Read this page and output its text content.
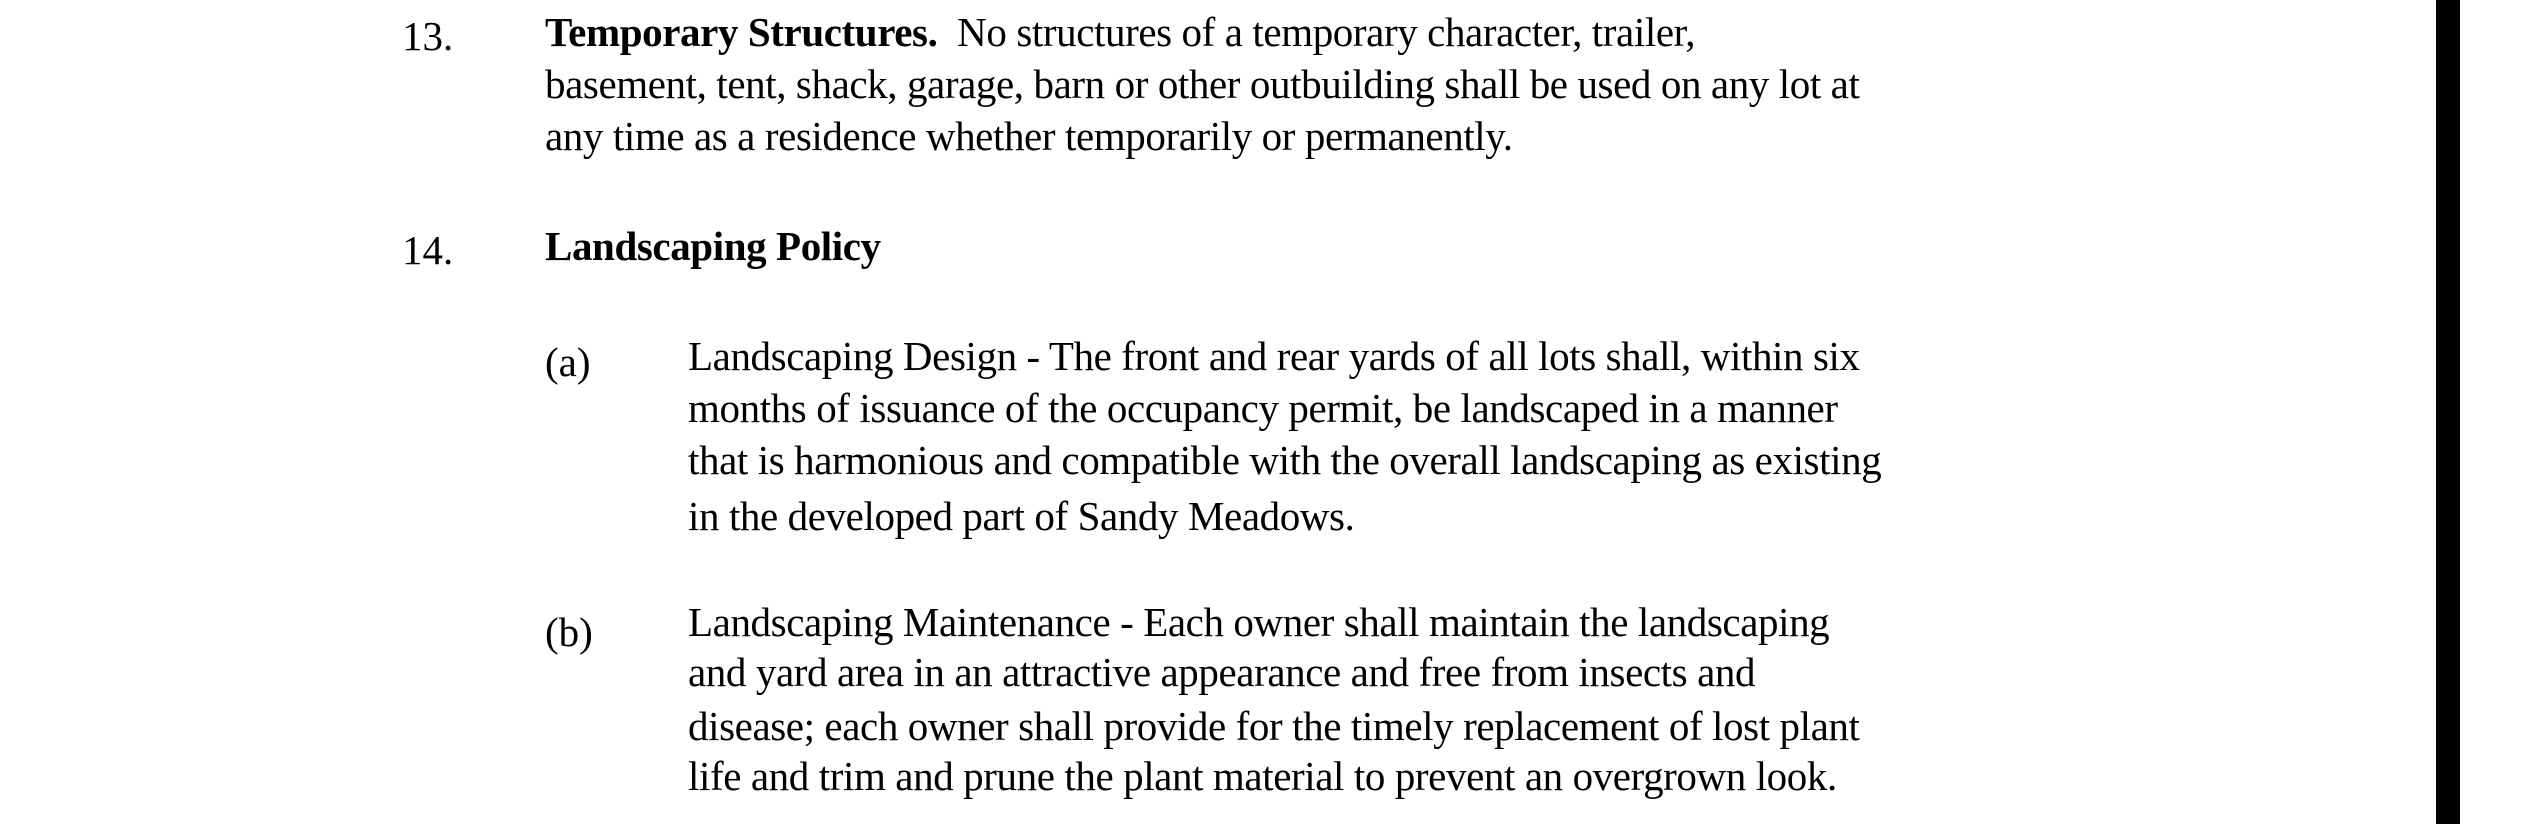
13. Temporary Structures. No structures of a temporary character, trailer,
basement, tent, shack, garage, barn or other outbuilding shall be used on any lot at
any time as a residence whether temporarily or permanently.
14. Landscaping Policy
(a) Landscaping Design - The front and rear yards of all lots shall, within six
months of issuance of the occupancy permit, be landscaped in a manner
that is harmonious and compatible with the overall landscaping as existing
in the developed part of Sandy Meadows.
(b) Landscaping Maintenance - Each owner shall maintain the landscaping
and yard area in an attractive appearance and free from insects and
disease; each owner shall provide for the timely replacement of lost plant
life and trim and prune the plant material to prevent an overgrown look.
